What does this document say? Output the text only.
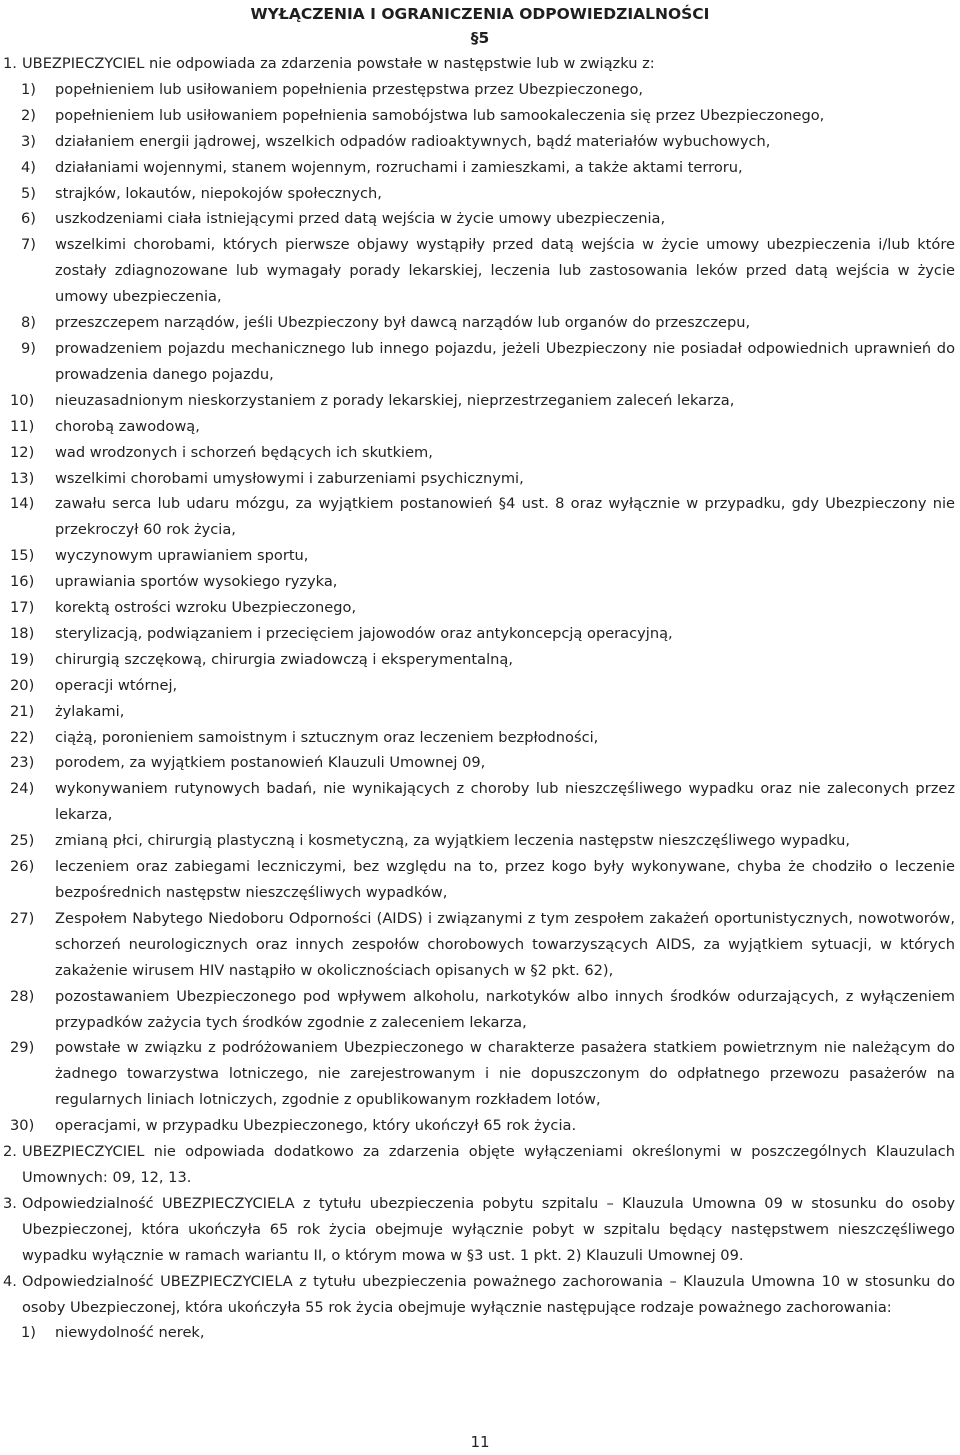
WYŁĄCZENIA I OGRANICZENIA ODPOWIEDZIALNOŚCI
§5
1. UBEZPIECZYCIEL nie odpowiada za zdarzenia powstałe w następstwie lub w związku z:
1)	popełnieniem lub usiłowaniem popełnienia przestępstwa przez Ubezpieczonego,
2)	popełnieniem lub usiłowaniem popełnienia samobójstwa lub samookaleczenia się przez Ubezpieczonego,
3)	działaniem energii jądrowej, wszelkich odpadów radioaktywnych, bądź materiałów wybuchowych,
4)	działaniami wojennymi, stanem wojennym, rozruchami i zamieszkami, a także aktami terroru,
5)	strajków, lokautów, niepokojów społecznych,
6)	uszkodzeniami ciała istniejącymi przed datą wejścia w życie umowy ubezpieczenia,
7)	wszelkimi chorobami, których pierwsze objawy wystąpiły przed datą wejścia w życie umowy ubezpieczenia i/lub które zostały zdiagnozowane lub wymagały porady lekarskiej, leczenia lub zastosowania leków przed datą wejścia w życie umowy ubezpieczenia,
8)	przeszczepem narządów, jeśli Ubezpieczony był dawcą narządów lub organów do przeszczepu,
9)	prowadzeniem pojazdu mechanicznego lub innego pojazdu, jeżeli Ubezpieczony nie posiadał odpowiednich uprawnień do prowadzenia danego pojazdu,
10)	nieuzasadnionym nieskorzystaniem z porady lekarskiej, nieprzestrzeganiem zaleceń lekarza,
11)	chorobą zawodową,
12)	wad wrodzonych i schorzeń będących ich skutkiem,
13)	wszelkimi chorobami umysłowymi i zaburzeniami psychicznymi,
14)	zawału serca lub udaru mózgu, za wyjątkiem postanowień §4 ust. 8 oraz wyłącznie w przypadku, gdy Ubezpieczony nie przekroczył 60 rok życia,
15)	wyczynowym uprawianiem sportu,
16)	uprawiania sportów wysokiego ryzyka,
17)	korektą ostrości wzroku Ubezpieczonego,
18)	sterylizacją, podwiązaniem i przecięciem jajowodów oraz antykoncepcją operacyjną,
19)	chirurgią szczękową, chirurgia zwiadowczą i eksperymentalną,
20)	operacji wtórnej,
21)	żylakami,
22)	ciążą, poronieniem samoistnym i sztucznym oraz leczeniem bezpłodności,
23)	porodem, za wyjątkiem postanowień Klauzuli Umownej 09,
24)	wykonywaniem rutynowych badań, nie wynikających z choroby lub nieszczęśliwego wypadku oraz nie zaleconych przez lekarza,
25)	zmianą płci, chirurgią plastyczną i kosmetyczną, za wyjątkiem leczenia następstw nieszczęśliwego wypadku,
26)	leczeniem oraz zabiegami leczniczymi, bez względu na to, przez kogo były wykonywane, chyba że chodziło o leczenie bezpośrednich następstw nieszczęśliwych wypadków,
27)	Zespołem Nabytego Niedoboru Odporności (AIDS) i związanymi z tym zespołem zakażeń oportunistycznych, nowotworów, schorzeń neurologicznych oraz innych zespołów chorobowych towarzyszących AIDS, za wyjątkiem sytuacji, w których zakażenie wirusem HIV nastąpiło w okolicznościach opisanych w §2 pkt. 62),
28)	pozostawaniem Ubezpieczonego pod wpływem alkoholu, narkotyków albo innych środków odurzających, z wyłączeniem przypadków zażycia tych środków zgodnie z zaleceniem lekarza,
29)	powstałe w związku z podróżowaniem Ubezpieczonego w charakterze pasażera statkiem powietrznym nie należącym do żadnego towarzystwa lotniczego, nie zarejestrowanym i nie dopuszczonym do odpłatnego przewozu pasażerów na regularnych liniach lotniczych, zgodnie z opublikowanym rozkładem lotów,
30)	operacjami, w przypadku Ubezpieczonego, który ukończył 65 rok życia.
2. UBEZPIECZYCIEL nie odpowiada dodatkowo za zdarzenia objęte wyłączeniami określonymi w poszczególnych Klauzulach Umownych: 09, 12, 13.
3. Odpowiedzialność UBEZPIECZYCIELA z tytułu ubezpieczenia pobytu szpitalu – Klauzula Umowna 09 w stosunku do osoby Ubezpieczonej, która ukończyła 65 rok życia obejmuje wyłącznie pobyt w szpitalu będący następstwem nieszczęśliwego wypadku wyłącznie w ramach wariantu II, o którym mowa w §3 ust. 1 pkt. 2) Klauzuli Umownej 09.
4. Odpowiedzialność UBEZPIECZYCIELA z tytułu ubezpieczenia poważnego zachorowania – Klauzula Umowna 10 w stosunku do osoby Ubezpieczonej, która ukończyła 55 rok życia obejmuje wyłącznie następujące rodzaje poważnego zachorowania:
1)	niewydolność nerek,
11
